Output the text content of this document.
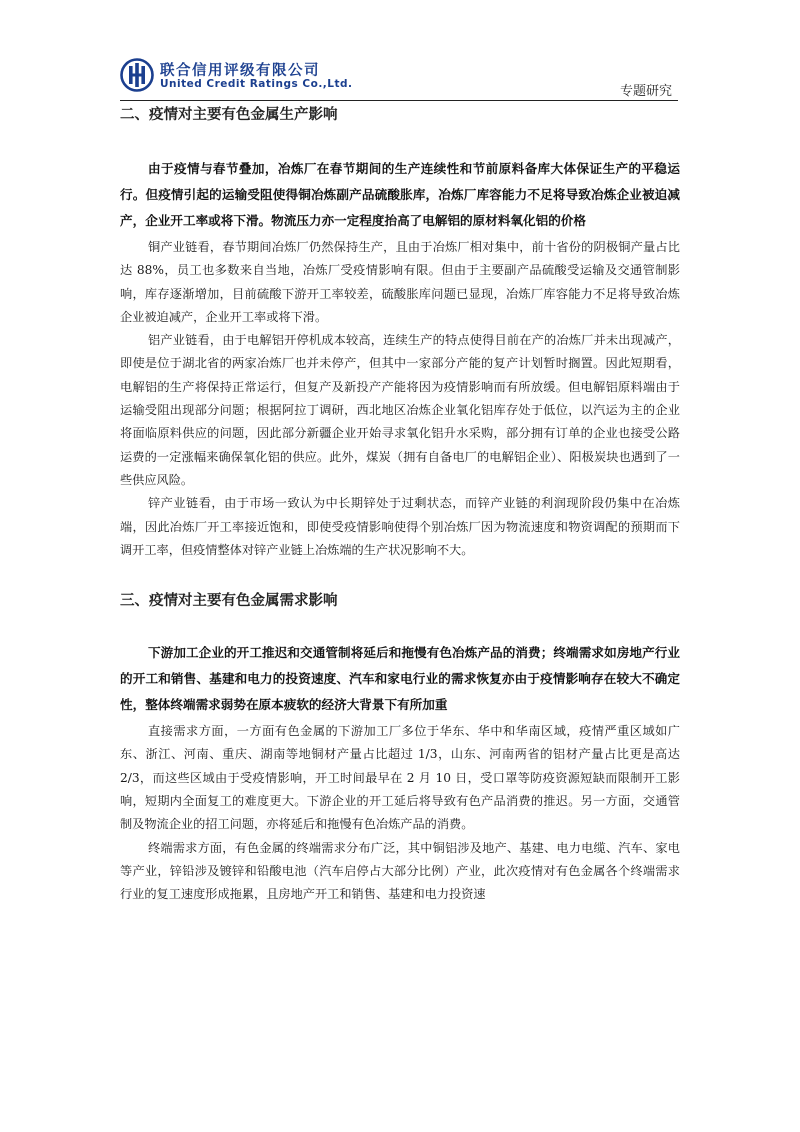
联合信用评级有限公司
United Credit Ratings Co.,Ltd.	专题研究
二、疫情对主要有色金属生产影响

由于疫情与春节叠加，冶炼厂在春节期间的生产连续性和节前原料备库大体保证生产的平稳运行。但疫情引起的运输受阻使得铜冶炼副产品硫酸胀库，冶炼厂库容能力不足将导致冶炼企业被迫减产，企业开工率或将下滑。物流压力亦一定程度抬高了电解铝的原材料氧化铝的价格

铜产业链看，春节期间冶炼厂仍然保持生产，且由于冶炼厂相对集中，前十省份的阴极铜产量占比达 88%，员工也多数来自当地，冶炼厂受疫情影响有限。但由于主要副产品硫酸受运输及交通管制影响，库存逐渐增加，目前硫酸下游开工率较差，硫酸胀库问题已显现，冶炼厂库容能力不足将导致冶炼企业被迫减产，企业开工率或将下滑。

铝产业链看，由于电解铝开停机成本较高，连续生产的特点使得目前在产的冶炼厂并未出现减产，即使是位于湖北省的两家冶炼厂也并未停产，但其中一家部分产能的复产计划暂时搁置。因此短期看，电解铝的生产将保持正常运行，但复产及新投产产能将因为疫情影响而有所放缓。但电解铝原料端由于运输受阻出现部分问题；根据阿拉丁调研，西北地区冶炼企业氧化铝库存处于低位，以汽运为主的企业将面临原料供应的问题，因此部分新疆企业开始寻求氧化铝升水采购，部分拥有订单的企业也接受公路运费的一定涨幅来确保氧化铝的供应。此外，煤炭（拥有自备电厂的电解铝企业）、阳极炭块也遇到了一些供应风险。

锌产业链看，由于市场一致认为中长期锌处于过剩状态，而锌产业链的利润现阶段仍集中在冶炼端，因此冶炼厂开工率接近饱和，即使受疫情影响使得个别冶炼厂因为物流速度和物资调配的预期而下调开工率，但疫情整体对锌产业链上冶炼端的生产状况影响不大。

三、疫情对主要有色金属需求影响

下游加工企业的开工推迟和交通管制将延后和拖慢有色冶炼产品的消费；终端需求如房地产行业的开工和销售、基建和电力的投资速度、汽车和家电行业的需求恢复亦由于疫情影响存在较大不确定性，整体终端需求弱势在原本疲软的经济大背景下有所加重

直接需求方面，一方面有色金属的下游加工厂多位于华东、华中和华南区域，疫情严重区域如广东、浙江、河南、重庆、湖南等地铜材产量占比超过 1/3，山东、河南两省的铝材产量占比更是高达 2/3，而这些区域由于受疫情影响，开工时间最早在 2 月 10 日，受口罩等防疫资源短缺而限制开工影响，短期内全面复工的难度更大。下游企业的开工延后将导致有色产品消费的推迟。另一方面，交通管制及物流企业的招工问题，亦将延后和拖慢有色冶炼产品的消费。

终端需求方面，有色金属的终端需求分布广泛，其中铜铝涉及地产、基建、电力电缆、汽车、家电等产业，锌铅涉及镀锌和铅酸电池（汽车启停占大部分比例）产业，此次疫情对有色金属各个终端需求行业的复工速度形成拖累，且房地产开工和销售、基建和电力投资速
